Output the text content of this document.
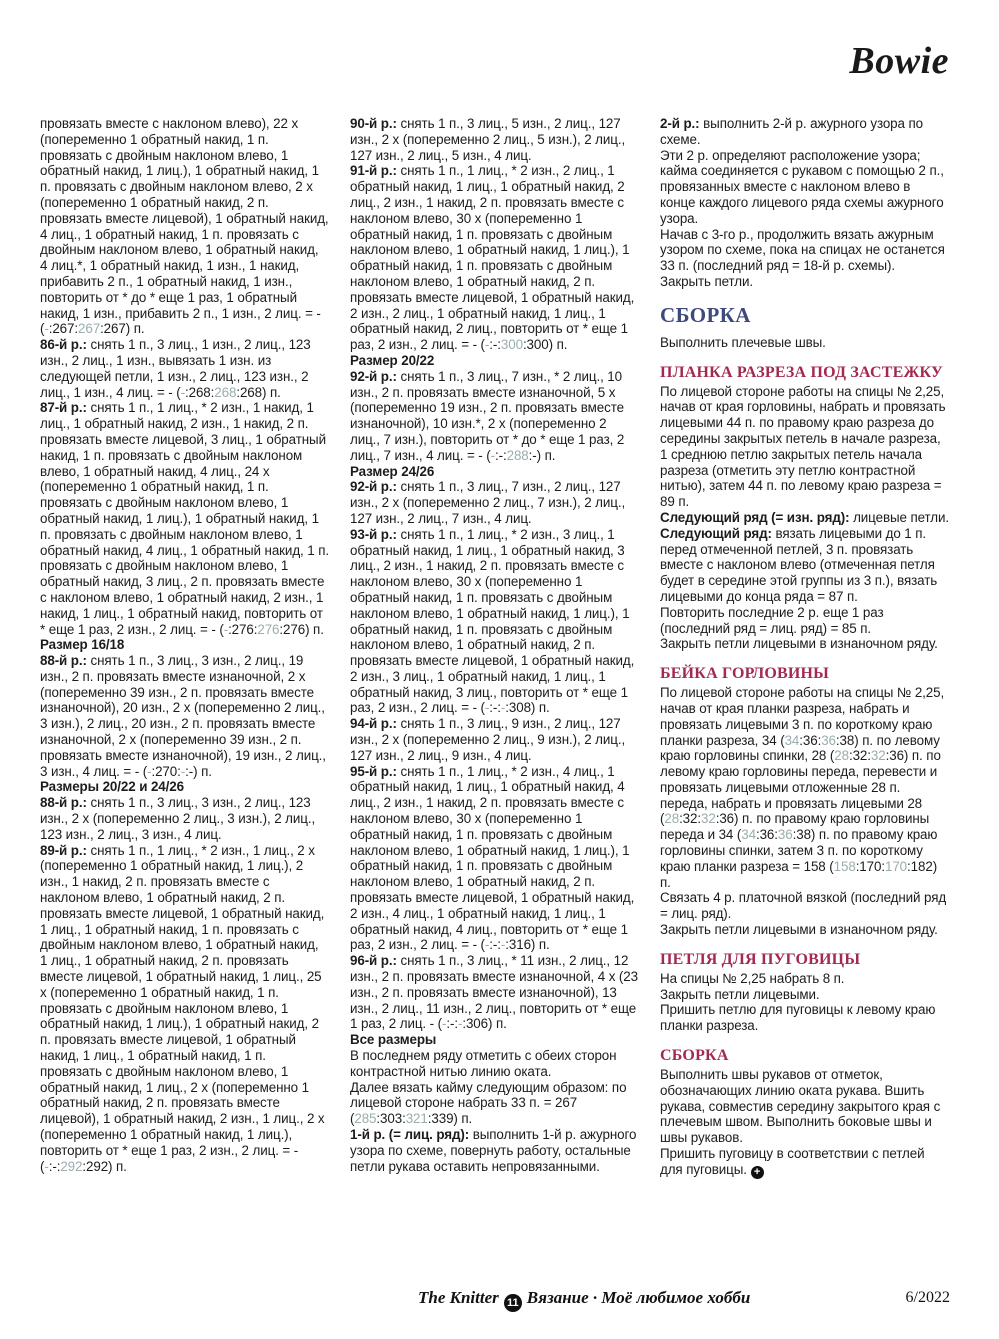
Bowie
провязать вместе с наклоном влево), 22 х (попеременно 1 обратный накид, 1 п. провязать с двойным наклоном влево, 1 обратный накид, 1 лиц.), 1 обратный накид, 1 п. провязать с двойным наклоном влево, 2 х (попеременно 1 обратный накид, 2 п. провязать вместе лицевой), 1 обратный накид, 4 лиц., 1 обратный накид, 1 п. провязать с двойным наклоном влево, 1 обратный накид, 4 лиц.*, 1 обратный накид, 1 изн., 1 накид, прибавить 2 п., 1 обратный накид, 1 изн., повторить от * до * еще 1 раз, 1 обратный накид, 1 изн., прибавить 2 п., 1 изн., 2 лиц. = - (-:267:267:267) п.
86-й р.: снять 1 п., 3 лиц., 1 изн., 2 лиц., 123 изн., 2 лиц., 1 изн., вывязать 1 изн. из следующей петли, 1 изн., 2 лиц., 123 изн., 2 лиц., 1 изн., 4 лиц. = - (-:268:268:268) п.
87-й р.: снять 1 п., 1 лиц., * 2 изн., 1 накид, 1 лиц., 1 обратный накид, 2 изн., 1 накид, 2 п. провязать вместе лицевой, 3 лиц., 1 обратный накид, 1 п. провязать с двойным наклоном влево, 1 обратный накид, 4 лиц., 24 х (попеременно 1 обратный накид, 1 п. провязать с двойным наклоном влево, 1 обратный накид, 1 лиц.), 1 обратный накид, 1 п. провязать с двойным наклоном влево, 1 обратный накид, 4 лиц., 1 обратный накид, 1 п. провязать с двойным наклоном влево, 1 обратный накид, 3 лиц., 2 п. провязать вместе с наклоном влево, 1 обратный накид, 2 изн., 1 накид, 1 лиц., 1 обратный накид, повторить от * еще 1 раз, 2 изн., 2 лиц. = - (-:276:276:276) п.
Размер 16/18
88-й р.: снять 1 п., 3 лиц., 3 изн., 2 лиц., 19 изн., 2 п. провязать вместе изнаночной, 2 х (попеременно 39 изн., 2 п. провязать вместе изнаночной), 20 изн., 2 х (попеременно 2 лиц., 3 изн.), 2 лиц., 20 изн., 2 п. провязать вместе изнаночной, 2 х (попеременно 39 изн., 2 п. провязать вместе изнаночной), 19 изн., 2 лиц., 3 изн., 4 лиц. = - (-:270:-:-) п.
Размеры 20/22 и 24/26
88-й р.: снять 1 п., 3 лиц., 3 изн., 2 лиц., 123 изн., 2 х (попеременно 2 лиц., 3 изн.), 2 лиц., 123 изн., 2 лиц., 3 изн., 4 лиц.
89-й р.: снять 1 п., 1 лиц., * 2 изн., 1 лиц., 2 х (попеременно 1 обратный накид, 1 лиц.), 2 изн., 1 накид, 2 п. провязать вместе с наклоном влево, 1 обратный накид, 2 п. провязать вместе лицевой, 1 обратный накид, 1 лиц., 1 обратный накид, 1 п. провязать с двойным наклоном влево, 1 обратный накид, 1 лиц., 1 обратный накид, 2 п. провязать вместе лицевой, 1 обратный накид, 1 лиц., 25 х (попеременно 1 обратный накид, 1 п. провязать с двойным наклоном влево, 1 обратный накид, 1 лиц.), 1 обратный накид, 2 п. провязать вместе лицевой, 1 обратный накид, 1 лиц., 1 обратный накид, 1 п. провязать с двойным наклоном влево, 1 обратный накид, 1 лиц., 2 х (попеременно 1 обратный накид, 2 п. провязать вместе лицевой), 1 обратный накид, 2 изн., 1 лиц., 2 х (попеременно 1 обратный накид, 1 лиц.), повторить от * еще 1 раз, 2 изн., 2 лиц. = - (-:-:292:292) п.
90-й р.: снять 1 п., 3 лиц., 5 изн., 2 лиц., 127 изн., 2 х (попеременно 2 лиц., 5 изн.), 2 лиц., 127 изн., 2 лиц., 5 изн., 4 лиц.
91-й р.: снять 1 п., 1 лиц., * 2 изн., 2 лиц., 1 обратный накид, 1 лиц., 1 обратный накид, 2 лиц., 2 изн., 1 накид, 2 п. провязать вместе с наклоном влево, 30 х (попеременно 1 обратный накид, 1 п. провязать с двойным наклоном влево, 1 обратный накид, 1 лиц.), 1 обратный накид, 1 п. провязать с двойным наклоном влево, 1 обратный накид, 2 п. провязать вместе лицевой, 1 обратный накид, 2 изн., 2 лиц., 1 обратный накид, 1 лиц., 1 обратный накид, 2 лиц., повторить от * еще 1 раз, 2 изн., 2 лиц. = - (-:-:300:300) п.
Размер 20/22
92-й р.: снять 1 п., 3 лиц., 7 изн., * 2 лиц., 10 изн., 2 п. провязать вместе изнаночной, 5 х (попеременно 19 изн., 2 п. провязать вместе изнаночной), 10 изн.*, 2 х (попеременно 2 лиц., 7 изн.), повторить от * до * еще 1 раз, 2 лиц., 7 изн., 4 лиц. = - (-:-:288:-) п.
Размер 24/26
92-й р.: снять 1 п., 3 лиц., 7 изн., 2 лиц., 127 изн., 2 х (попеременно 2 лиц., 7 изн.), 2 лиц., 127 изн., 2 лиц., 7 изн., 4 лиц.
93-й р.: снять 1 п., 1 лиц., * 2 изн., 3 лиц., 1 обратный накид, 1 лиц., 1 обратный накид, 3 лиц., 2 изн., 1 накид, 2 п. провязать вместе с наклоном влево, 30 х (попеременно 1 обратный накид, 1 п. провязать с двойным наклоном влево, 1 обратный накид, 1 лиц.), 1 обратный накид, 1 п. провязать с двойным наклоном влево, 1 обратный накид, 2 п. провязать вместе лицевой, 1 обратный накид, 2 изн., 3 лиц., 1 обратный накид, 1 лиц., 1 обратный накид, 3 лиц., повторить от * еще 1 раз, 2 изн., 2 лиц. = - (-:-:-:308) п.
94-й р.: снять 1 п., 3 лиц., 9 изн., 2 лиц., 127 изн., 2 х (попеременно 2 лиц., 9 изн.), 2 лиц., 127 изн., 2 лиц., 9 изн., 4 лиц.
95-й р.: снять 1 п., 1 лиц., * 2 изн., 4 лиц., 1 обратный накид, 1 лиц., 1 обратный накид, 4 лиц., 2 изн., 1 накид, 2 п. провязать вместе с наклоном влево, 30 х (попеременно 1 обратный накид, 1 п. провязать с двойным наклоном влево, 1 обратный накид, 1 лиц.), 1 обратный накид, 1 п. провязать с двойным наклоном влево, 1 обратный накид, 2 п. провязать вместе лицевой, 1 обратный накид, 2 изн., 4 лиц., 1 обратный накид, 1 лиц., 1 обратный накид, 4 лиц., повторить от * еще 1 раз, 2 изн., 2 лиц. = - (-:-:-:316) п.
96-й р.: снять 1 п., 3 лиц., * 11 изн., 2 лиц., 12 изн., 2 п. провязать вместе изнаночной, 4 х (23 изн., 2 п. провязать вместе изнаночной), 13 изн., 2 лиц., 11 изн., 2 лиц., повторить от * еще 1 раз, 2 лиц. - (-:-:-:306) п.
Все размеры
В последнем ряду отметить с обеих сторон контрастной нитью линию оката.
Далее вязать кайму следующим образом: по лицевой стороне набрать 33 п. = 267 (285:303:321:339) п.
1-й р. (= лиц. ряд): выполнить 1-й р. ажурного узора по схеме, повернуть работу, остальные петли рукава оставить непровязанными.
2-й р.: выполнить 2-й р. ажурного узора по схеме.
Эти 2 р. определяют расположение узора; кайма соединяется с рукавом с помощью 2 п., провязанных вместе с наклоном влево в конце каждого лицевого ряда схемы ажурного узора.
Начав с 3-го р., продолжить вязать ажурным узором по схеме, пока на спицах не останется 33 п. (последний ряд = 18-й р. схемы).
Закрыть петли.
СБОРКА
Выполнить плечевые швы.
ПЛАНКА РАЗРЕЗА ПОД ЗАСТЕЖКУ
По лицевой стороне работы на спицы № 2,25, начав от края горловины, набрать и провязать лицевыми 44 п. по правому краю разреза до середины закрытых петель в начале разреза, 1 среднюю петлю закрытых петель начала разреза (отметить эту петлю контрастной нитью), затем 44 п. по левому краю разреза = 89 п.
Следующий ряд (= изн. ряд): лицевые петли.
Следующий ряд: вязать лицевыми до 1 п. перед отмеченной петлей, 3 п. провязать вместе с наклоном влево (отмеченная петля будет в середине этой группы из 3 п.), вязать лицевыми до конца ряда = 87 п.
Повторить последние 2 р. еще 1 раз (последний ряд = лиц. ряд) = 85 п.
Закрыть петли лицевыми в изнаночном ряду.
БЕЙКА ГОРЛОВИНЫ
По лицевой стороне работы на спицы № 2,25, начав от края планки разреза, набрать и провязать лицевыми 3 п. по короткому краю планки разреза, 34 (34:36:36:38) п. по левому краю горловины спинки, 28 (28:32:32:36) п. по левому краю горловины переда, перевести и провязать лицевыми отложенные 28 п. переда, набрать и провязать лицевыми 28 (28:32:32:36) п. по правому краю горловины переда и 34 (34:36:36:38) п. по правому краю горловины спинки, затем 3 п. по короткому краю планки разреза = 158 (158:170:170:182) п.
Связать 4 р. платочной вязкой (последний ряд = лиц. ряд).
Закрыть петли лицевыми в изнаночном ряду.
ПЕТЛЯ ДЛЯ ПУГОВИЦЫ
На спицы № 2,25 набрать 8 п.
Закрыть петли лицевыми.
Пришить петлю для пуговицы к левому краю планки разреза.
СБОРКА
Выполнить швы рукавов от отметок, обозначающих линию оката рукава. Вшить рукава, совместив середину закрытого края с плечевым швом. Выполнить боковые швы и швы рукавов.
Пришить пуговицу в соответствии с петлей для пуговицы. +
The Knitter 11 Вязание · Моё любимое хобби	6/2022
